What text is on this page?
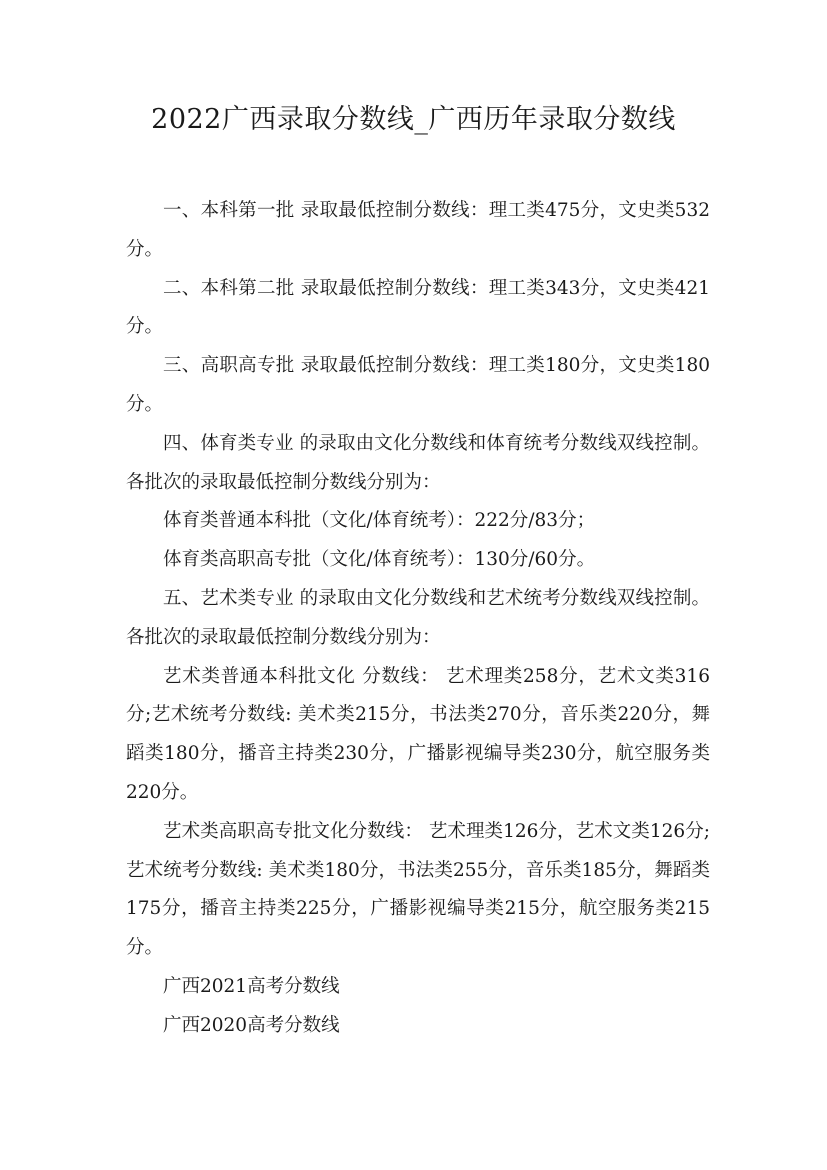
2022广西录取分数线_广西历年录取分数线

一、本科第一批 录取最低控制分数线：理工类475分，文史类532分。

二、本科第二批 录取最低控制分数线：理工类343分，文史类421分。

三、高职高专批 录取最低控制分数线：理工类180分，文史类180分。

四、体育类专业 的录取由文化分数线和体育统考分数线双线控制。各批次的录取最低控制分数线分别为：

体育类普通本科批（文化/体育统考）：222分/83分；

体育类高职高专批（文化/体育统考）：130分/60分。

五、艺术类专业 的录取由文化分数线和艺术统考分数线双线控制。各批次的录取最低控制分数线分别为：

艺术类普通本科批文化 分数线： 艺术理类258分，艺术文类316分;艺术统考分数线: 美术类215分，书法类270分，音乐类220分，舞蹈类180分，播音主持类230分，广播影视编导类230分，航空服务类220分。

艺术类高职高专批文化分数线： 艺术理类126分，艺术文类126分;艺术统考分数线: 美术类180分，书法类255分，音乐类185分，舞蹈类175分，播音主持类225分，广播影视编导类215分，航空服务类215分。

广西2021高考分数线

广西2020高考分数线
